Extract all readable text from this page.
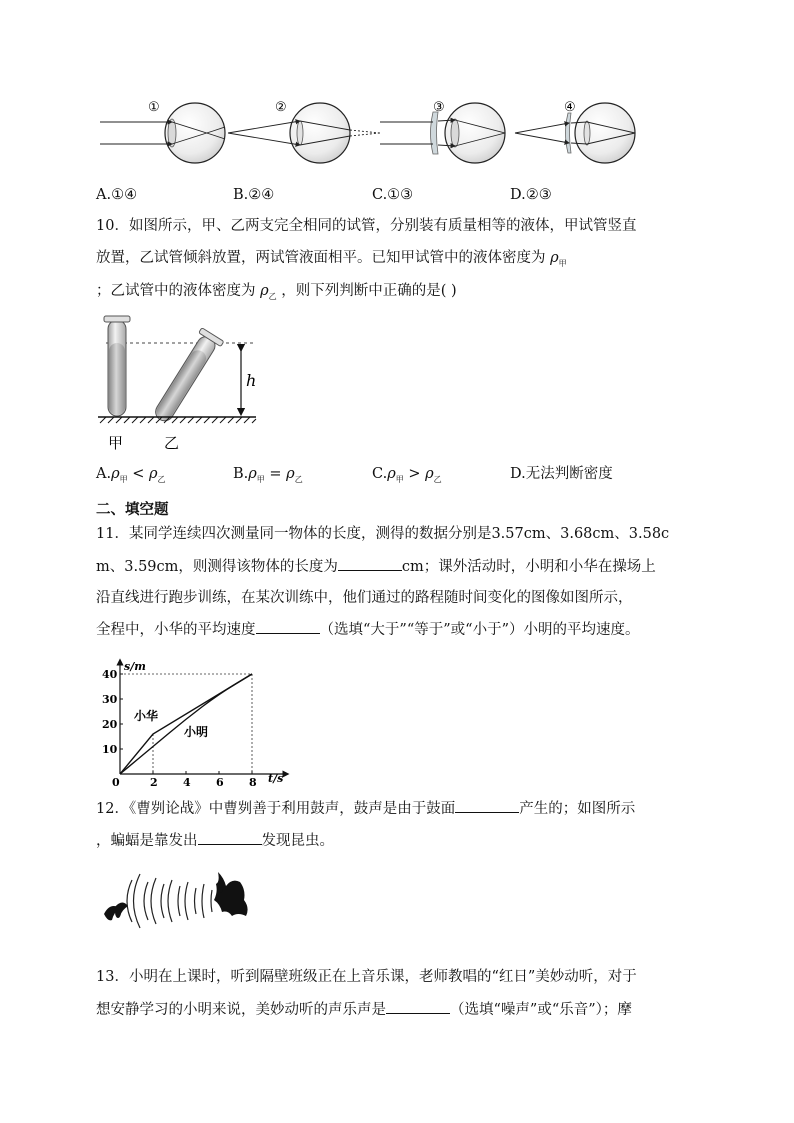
①	②	③	④
A.①④	B.②④	C.①③	D.②③
10．如图所示，甲、乙两支完全相同的试管，分别装有质量相等的液体，甲试管竖直
放置，乙试管倾斜放置，两试管液面相平。已知甲试管中的液体密度为 $\rho_甲$
；乙试管中的液体密度为 $\rho_乙$ ，则下列判断中正确的是( )
h
甲	乙
$A.\rho_甲 < \rho_乙$	$B.\rho_甲 = \rho_乙$	$C.\rho_甲 > \rho_乙$	D.无法判断密度
二、填空题
11．某同学连续四次测量同一物体的长度，测得的数据分别是3.57cm、3.68cm、3.58c
m、3.59cm，则测得该物体的长度为	cm；课外活动时，小明和小华在操场上
沿直线进行跑步训练，在某次训练中，他们通过的路程随时间变化的图像如图所示，
全程中，小华的平均速度	（选填“大于”“等于”或“小于”）小明的平均速度。
0	2 4 6 8
10
20
30
40
s/m
t/s
小华
小明
12．《曹刿论战》中曹刿善于利用鼓声，鼓声是由于鼓面	产生的；如图所示
，蝙蝠是靠发出	发现昆虫。
13．小明在上课时，听到隔壁班级正在上音乐课，老师教唱的“红日”美妙动听，对于
想安静学习的小明来说，美妙动听的声乐声是	（选填“噪声”或“乐音”）；摩
